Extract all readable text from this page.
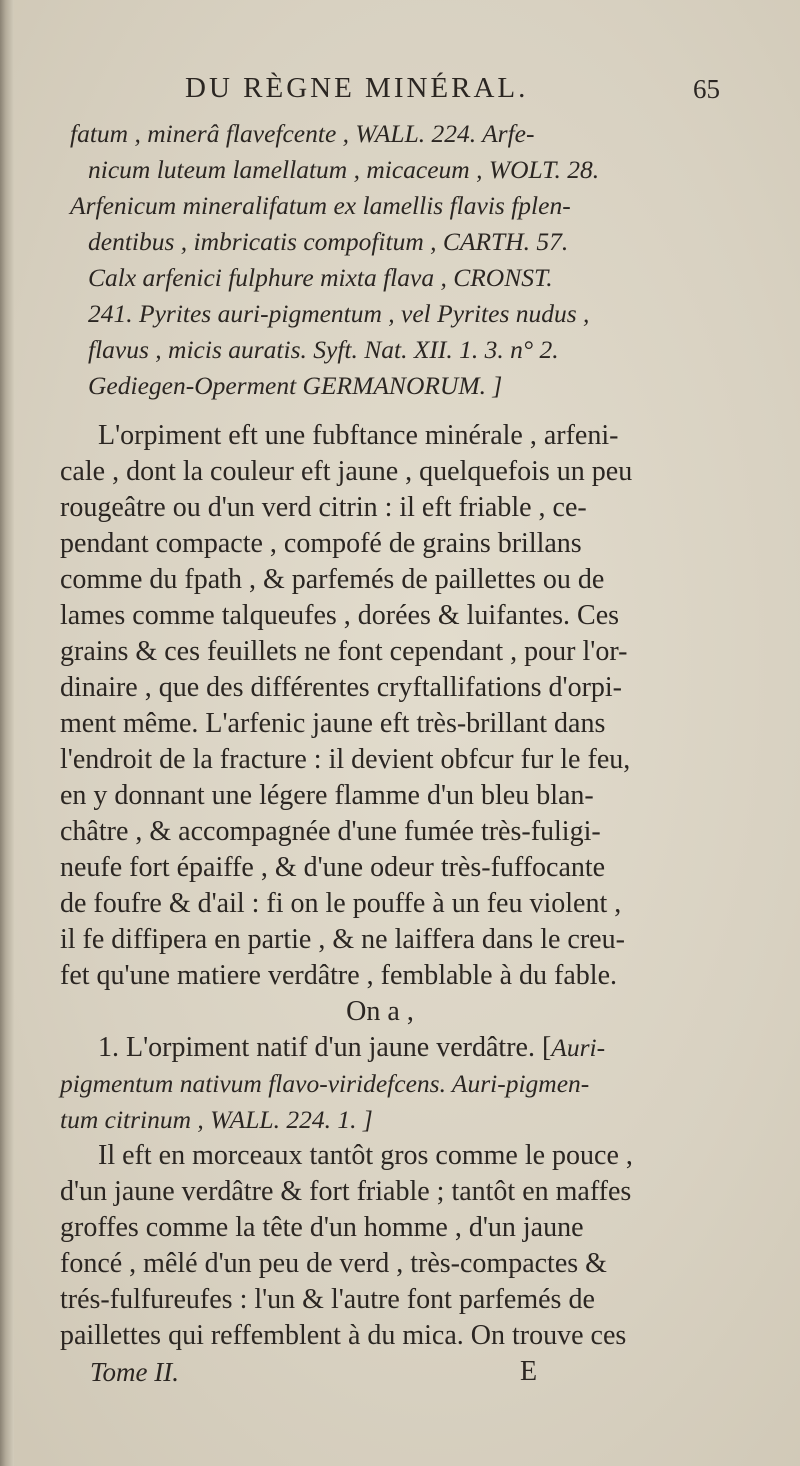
DU RÈGNE MINÉRAL.	65
fatum , minerâ flavefcente , WALL. 224. Arfe-
nicum luteum lamellatum , micaceum , WOLT. 28.
Arfenicum mineralifatum ex lamellis flavis fplen-
dentibus , imbricatis compofitum , CARTH. 57.
Calx arfenici fulphure mixta flava , CRONST.
241. Pyrites auri-pigmentum , vel Pyrites nudus ,
flavus , micis auratis. Syft. Nat. XII. 1. 3. n° 2.
Gediegen-Operment GERMANORUM. ]
L'orpiment eft une fubftance minérale , arfeni-
cale , dont la couleur eft jaune , quelquefois un peu
rougeâtre ou d'un verd citrin : il eft friable , ce-
pendant compacte , compofé de grains brillans
comme du fpath , & parfemés de paillettes ou de
lames comme talqueufes , dorées & luifantes. Ces
grains & ces feuillets ne font cependant , pour l'or-
dinaire , que des différentes cryftallifations d'orpi-
ment même. L'arfenic jaune eft très-brillant dans
l'endroit de la fracture : il devient obfcur fur le feu,
en y donnant une légere flamme d'un bleu blan-
châtre , & accompagnée d'une fumée très-fuligi-
neufe fort épaiffe , & d'une odeur très-fuffocante
de foufre & d'ail : fi on le pouffe à un feu violent ,
il fe diffipera en partie , & ne laiffera dans le creu-
fet qu'une matiere verdâtre , femblable à du fable.
On a ,
1. L'orpiment natif d'un jaune verdâtre. [Auri-
pigmentum nativum flavo-viridefcens. Auri-pigmen-
tum citrinum , WALL. 224. 1. ]
Il eft en morceaux tantôt gros comme le pouce ,
d'un jaune verdâtre & fort friable ; tantôt en maffes
groffes comme la tête d'un homme , d'un jaune
foncé , mêlé d'un peu de verd , très-compactes &
trés-fulfureufes : l'un & l'autre font parfemés de
paillettes qui reffemblent à du mica. On trouve ces
Tome II.	E
